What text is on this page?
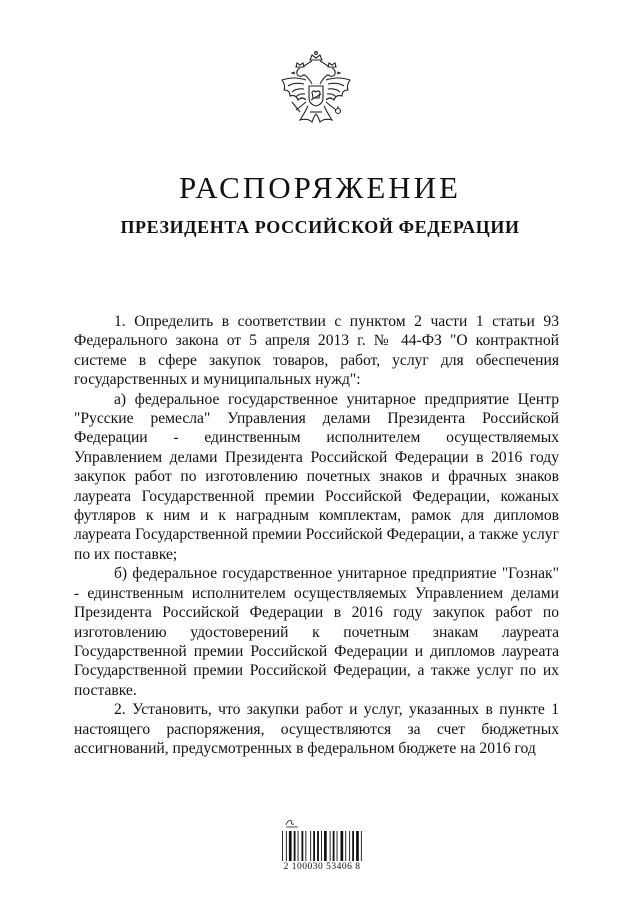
РАСПОРЯЖЕНИЕ
ПРЕЗИДЕНТА РОССИЙСКОЙ ФЕДЕРАЦИИ

1. Определить в соответствии с пунктом 2 части 1 статьи 93 Федерального закона от 5 апреля 2013 г. № 44-ФЗ "О контрактной системе в сфере закупок товаров, работ, услуг для обеспечения государственных и муниципальных нужд":

а) федеральное государственное унитарное предприятие Центр "Русские ремесла" Управления делами Президента Российской Федерации - единственным исполнителем осуществляемых Управлением делами Президента Российской Федерации в 2016 году закупок работ по изготовлению почетных знаков и фрачных знаков лауреата Государственной премии Российской Федерации, кожаных футляров к ним и к наградным комплектам, рамок для дипломов лауреата Государственной премии Российской Федерации, а также услуг по их поставке;

б) федеральное государственное унитарное предприятие "Гознак" - единственным исполнителем осуществляемых Управлением делами Президента Российской Федерации в 2016 году закупок работ по изготовлению удостоверений к почетным знакам лауреата Государственной премии Российской Федерации и дипломов лауреата Государственной премии Российской Федерации, а также услуг по их поставке.

2. Установить, что закупки работ и услуг, указанных в пункте 1 настоящего распоряжения, осуществляются за счет бюджетных ассигнований, предусмотренных в федеральном бюджете на 2016 год

2 100030 53406 8
